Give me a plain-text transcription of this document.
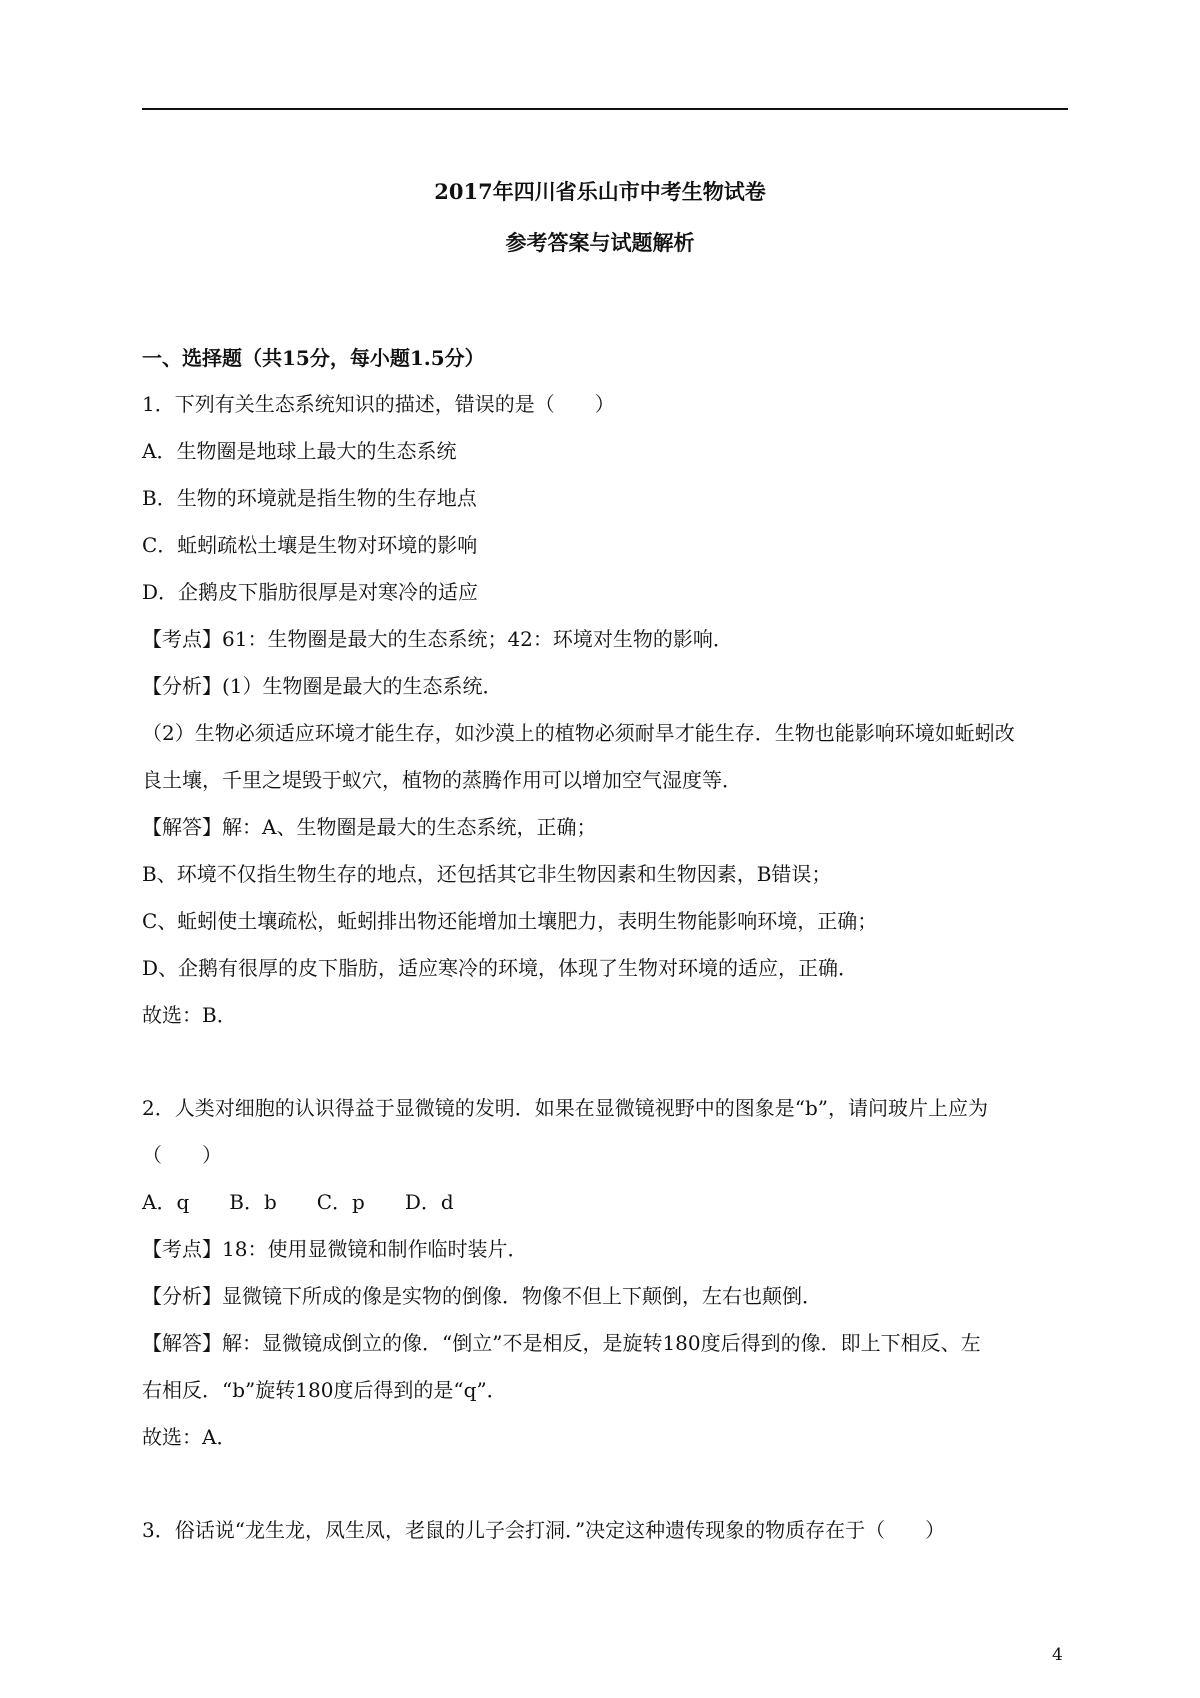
2017年四川省乐山市中考生物试卷
参考答案与试题解析
一、选择题（共15分，每小题1.5分）
1．下列有关生态系统知识的描述，错误的是（　　）
A．生物圈是地球上最大的生态系统
B．生物的环境就是指生物的生存地点
C．蚯蚓疏松土壤是生物对环境的影响
D．企鹅皮下脂肪很厚是对寒冷的适应
【考点】61：生物圈是最大的生态系统；42：环境对生物的影响．
【分析】(1）生物圈是最大的生态系统．
（2）生物必须适应环境才能生存，如沙漠上的植物必须耐旱才能生存．生物也能影响环境如蚯蚓改
良土壤，千里之堤毁于蚁穴，植物的蒸腾作用可以增加空气湿度等．
【解答】解：A、生物圈是最大的生态系统，正确；
B、环境不仅指生物生存的地点，还包括其它非生物因素和生物因素，B错误；
C、蚯蚓使土壤疏松，蚯蚓排出物还能增加土壤肥力，表明生物能影响环境，正确；
D、企鹅有很厚的皮下脂肪，适应寒冷的环境，体现了生物对环境的适应，正确．
故选：B．
2．人类对细胞的认识得益于显微镜的发明．如果在显微镜视野中的图象是“b”，请问玻片上应为
（　　）
A．q　　B．b　　C．p　　D．d
【考点】18：使用显微镜和制作临时装片．
【分析】显微镜下所成的像是实物的倒像．物像不但上下颠倒，左右也颠倒．
【解答】解：显微镜成倒立的像．“倒立”不是相反，是旋转180度后得到的像．即上下相反、左
右相反．“b”旋转180度后得到的是“q”．
故选：A．
3．俗话说“龙生龙，凤生凤，老鼠的儿子会打洞．”决定这种遗传现象的物质存在于（　　）
4
